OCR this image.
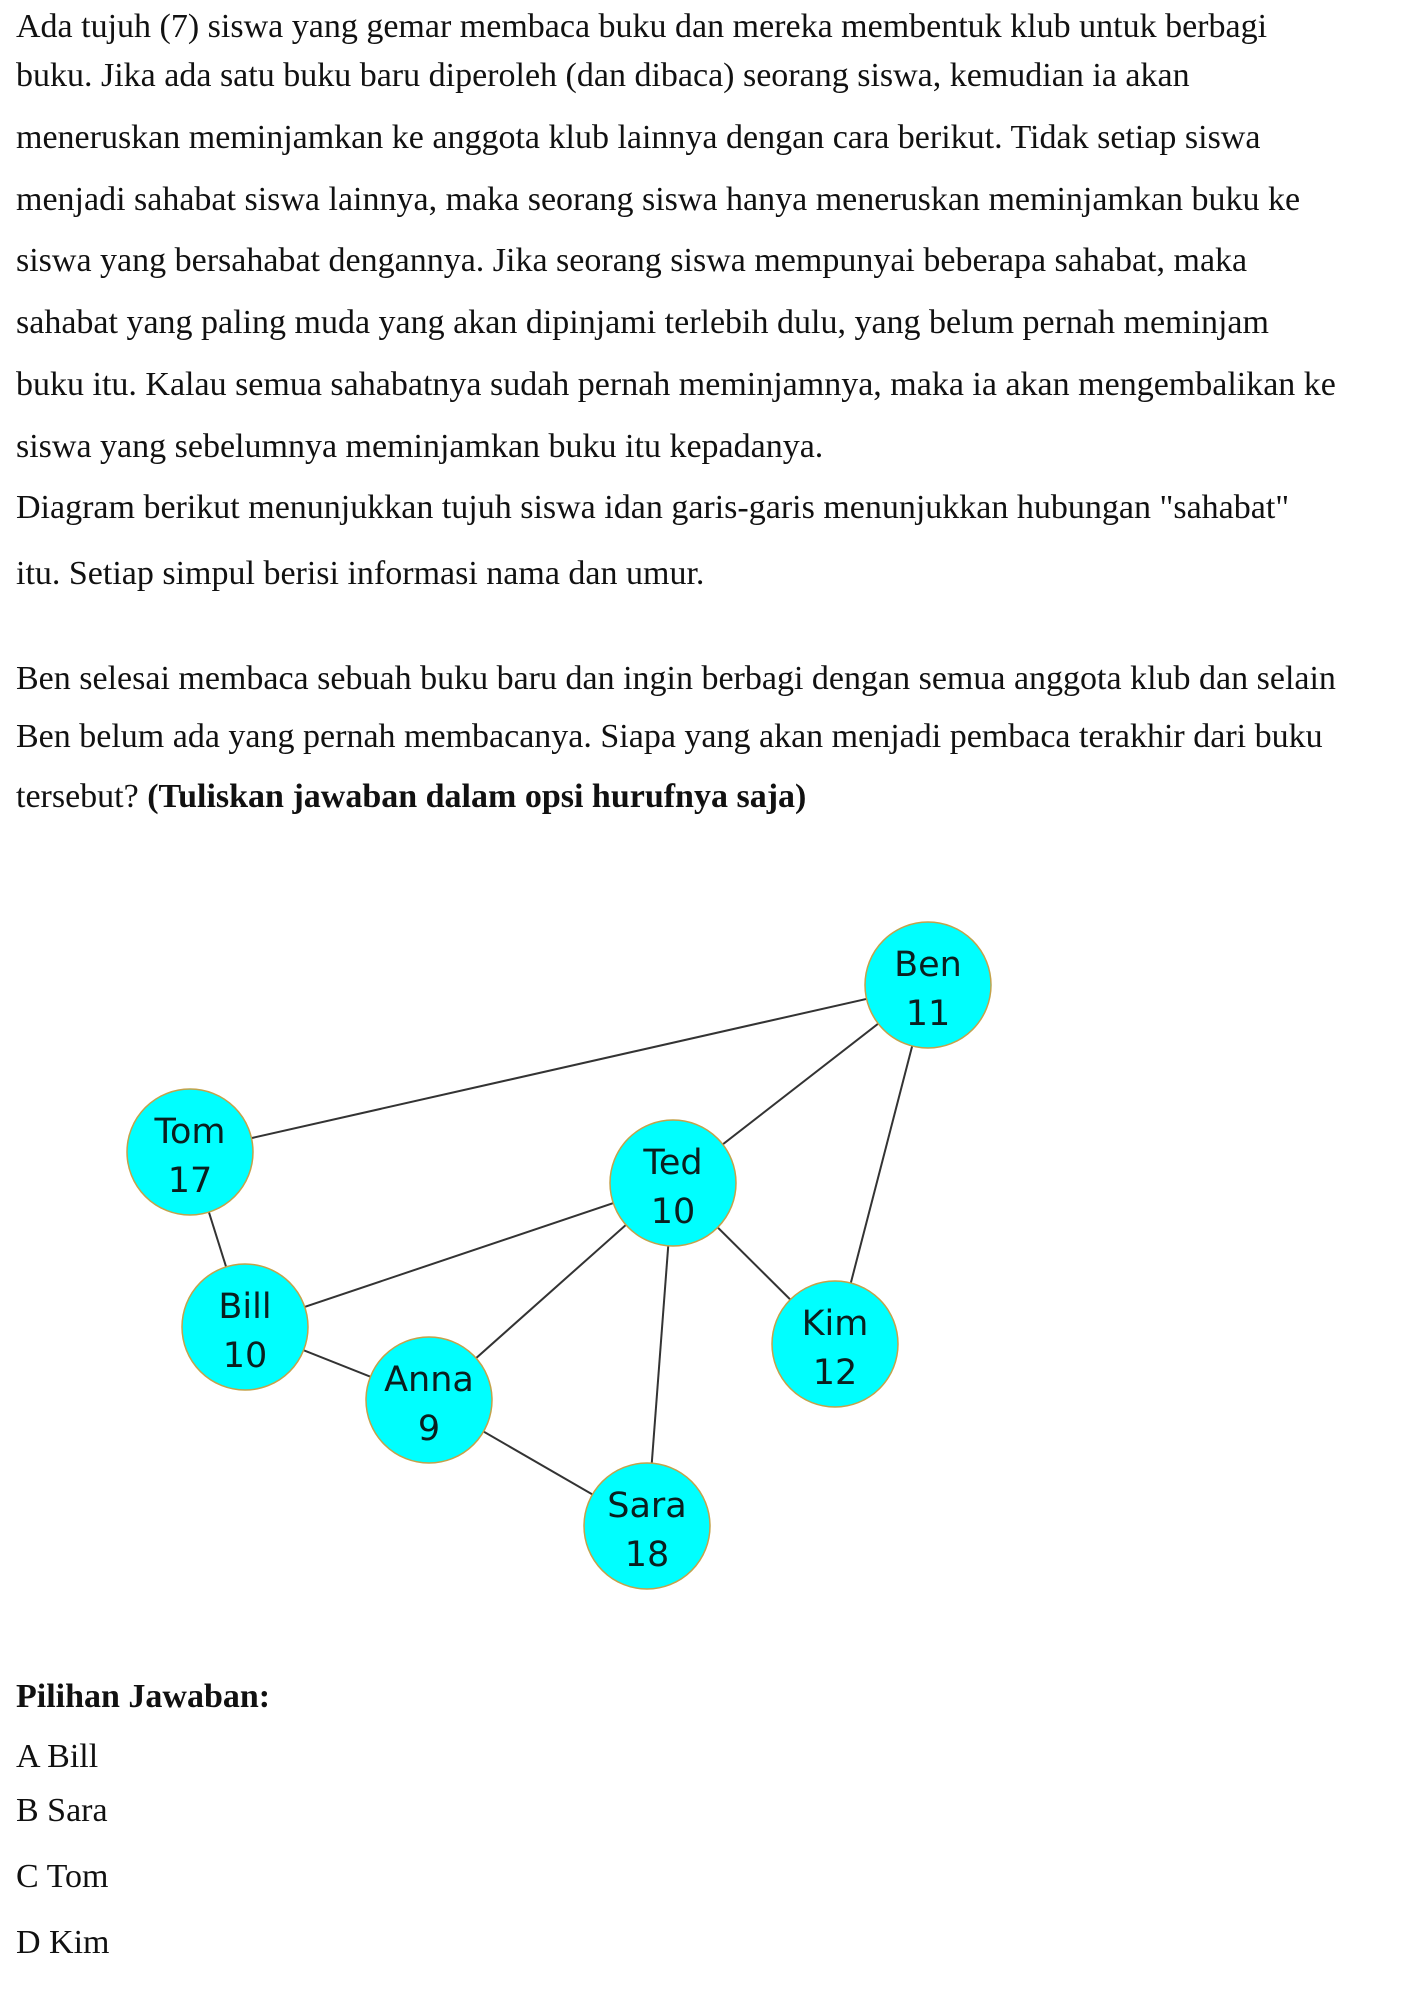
Ada tujuh (7) siswa yang gemar membaca buku dan mereka membentuk klub untuk berbagi
buku. Jika ada satu buku baru diperoleh (dan dibaca) seorang siswa, kemudian ia akan
meneruskan meminjamkan ke anggota klub lainnya dengan cara berikut. Tidak setiap siswa
menjadi sahabat siswa lainnya, maka seorang siswa hanya meneruskan meminjamkan buku ke
siswa yang bersahabat dengannya. Jika seorang siswa mempunyai beberapa sahabat, maka
sahabat yang paling muda yang akan dipinjami terlebih dulu, yang belum pernah meminjam
buku itu. Kalau semua sahabatnya sudah pernah meminjamnya, maka ia akan mengembalikan ke
siswa yang sebelumnya meminjamkan buku itu kepadanya.
Diagram berikut menunjukkan tujuh siswa idan garis-garis menunjukkan hubungan "sahabat"
itu. Setiap simpul berisi informasi nama dan umur.
Ben selesai membaca sebuah buku baru dan ingin berbagi dengan semua anggota klub dan selain
Ben belum ada yang pernah membacanya. Siapa yang akan menjadi pembaca terakhir dari buku
tersebut? (Tuliskan jawaban dalam opsi hurufnya saja)
Ben
11
Tom
17	Ted
10
Bill
10
Anna
9
Kim
12
Sara
18
Pilihan Jawaban:
A Bill
B Sara
C Tom
D Kim
